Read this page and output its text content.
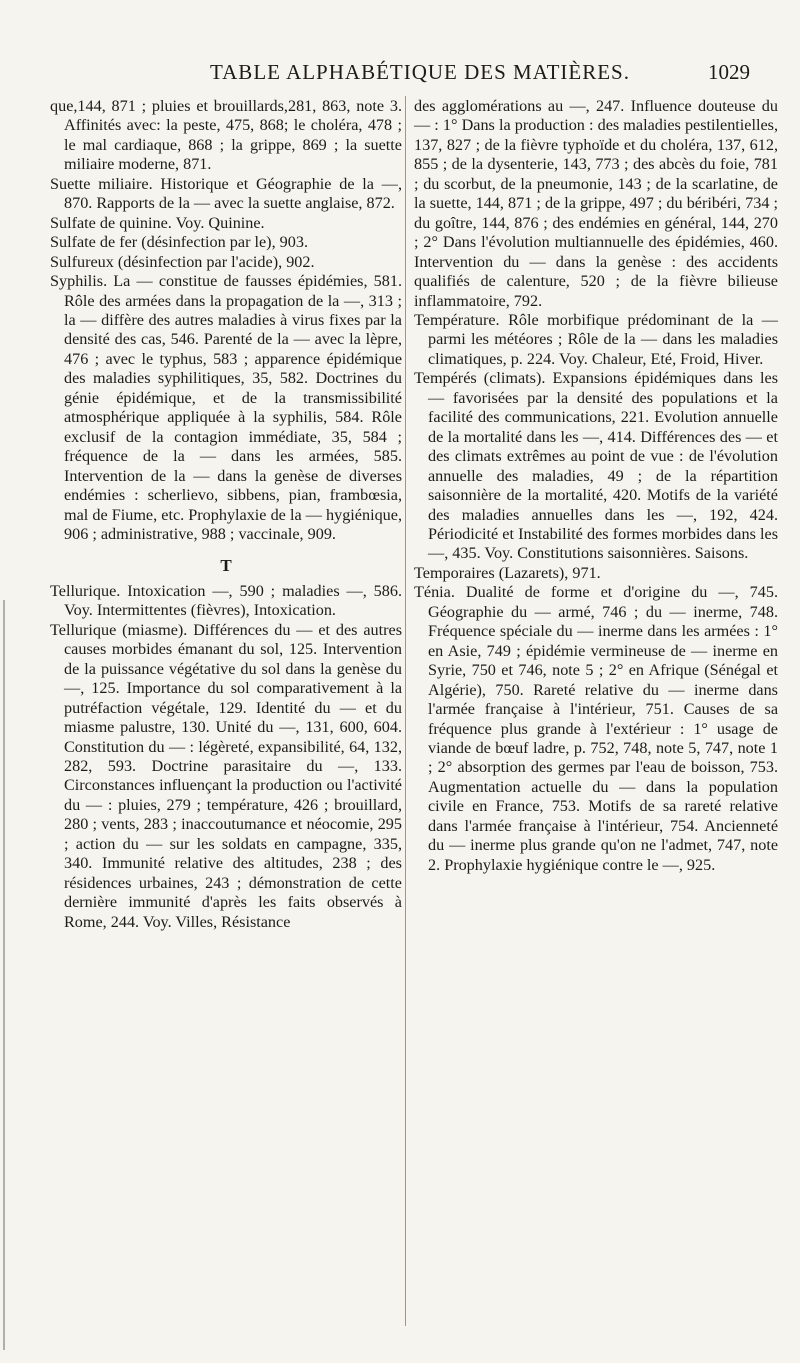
TABLE ALPHABÉTIQUE DES MATIÈRES.	1029
que,144, 871 ; pluies et brouillards,281, 863, note 3. Affinités avec: la peste, 475, 868; le choléra, 478 ; le mal cardiaque, 868 ; la grippe, 869 ; la suette miliaire moderne, 871.
Suette miliaire. Historique et Géographie de la —, 870. Rapports de la — avec la suette anglaise, 872.
Sulfate de quinine. Voy. Quinine.
Sulfate de fer (désinfection par le), 903.
Sulfureux (désinfection par l'acide), 902.
Syphilis. La — constitue de fausses épidémies, 581. Rôle des armées dans la propagation de la —, 313 ; la — diffère des autres maladies à virus fixes par la densité des cas, 546. Parenté de la — avec la lèpre, 476 ; avec le typhus, 583 ; apparence épidémique des maladies syphilitiques, 35, 582. Doctrines du génie épidémique, et de la transmissibilité atmosphérique appliquée à la syphilis, 584. Rôle exclusif de la contagion immédiate, 35, 584 ; fréquence de la — dans les armées, 585. Intervention de la — dans la genèse de diverses endémies : scherlievo, sibbens, pian, frambœsia, mal de Fiume, etc. Prophylaxie de la — hygiénique, 906 ; administrative, 988 ; vaccinale, 909.
T
Tellurique. Intoxication —, 590 ; maladies —, 586. Voy. Intermittentes (fièvres), Intoxication.
Tellurique (miasme). Différences du — et des autres causes morbides émanant du sol, 125. Intervention de la puissance végétative du sol dans la genèse du —, 125. Importance du sol comparativement à la putréfaction végétale, 129. Identité du — et du miasme palustre, 130. Unité du —, 131, 600, 604. Constitution du — : légèreté, expansibilité, 64, 132, 282, 593. Doctrine parasitaire du —, 133. Circonstances influençant la production ou l'activité du — : pluies, 279 ; température, 426 ; brouillard, 280 ; vents, 283 ; inaccoutumance et néocomie, 295 ; action du — sur les soldats en campagne, 335, 340. Immunité relative des altitudes, 238 ; des résidences urbaines, 243 ; démonstration de cette dernière immunité d'après les faits observés à Rome, 244. Voy. Villes, Résistance
des agglomérations au —, 247. Influence douteuse du — : 1° Dans la production : des maladies pestilentielles, 137, 827 ; de la fièvre typhoïde et du choléra, 137, 612, 855 ; de la dysenterie, 143, 773 ; des abcès du foie, 781 ; du scorbut, de la pneumonie, 143 ; de la scarlatine, de la suette, 144, 871 ; de la grippe, 497 ; du béribéri, 734 ; du goître, 144, 876 ; des endémies en général, 144, 270 ; 2° Dans l'évolution multiannuelle des épidémies, 460. Intervention du — dans la genèse : des accidents qualifiés de calenture, 520 ; de la fièvre bilieuse inflammatoire, 792.
Température. Rôle morbifique prédominant de la — parmi les météores ; Rôle de la — dans les maladies climatiques, p. 224. Voy. Chaleur, Eté, Froid, Hiver.
Tempérés (climats). Expansions épidémiques dans les — favorisées par la densité des populations et la facilité des communications, 221. Evolution annuelle de la mortalité dans les —, 414. Différences des — et des climats extrêmes au point de vue : de l'évolution annuelle des maladies, 49 ; de la répartition saisonnière de la mortalité, 420. Motifs de la variété des maladies annuelles dans les —, 192, 424. Périodicité et Instabilité des formes morbides dans les —, 435. Voy. Constitutions saisonnières. Saisons.
Temporaires (Lazarets), 971.
Ténia. Dualité de forme et d'origine du —, 745. Géographie du — armé, 746 ; du — inerme, 748. Fréquence spéciale du — inerme dans les armées : 1° en Asie, 749 ; épidémie vermineuse de — inerme en Syrie, 750 et 746, note 5 ; 2° en Afrique (Sénégal et Algérie), 750. Rareté relative du — inerme dans l'armée française à l'intérieur, 751. Causes de sa fréquence plus grande à l'extérieur : 1° usage de viande de bœuf ladre, p. 752, 748, note 5, 747, note 1 ; 2° absorption des germes par l'eau de boisson, 753. Augmentation actuelle du — dans la population civile en France, 753. Motifs de sa rareté relative dans l'armée française à l'intérieur, 754. Ancienneté du — inerme plus grande qu'on ne l'admet, 747, note 2. Prophylaxie hygiénique contre le —, 925.
